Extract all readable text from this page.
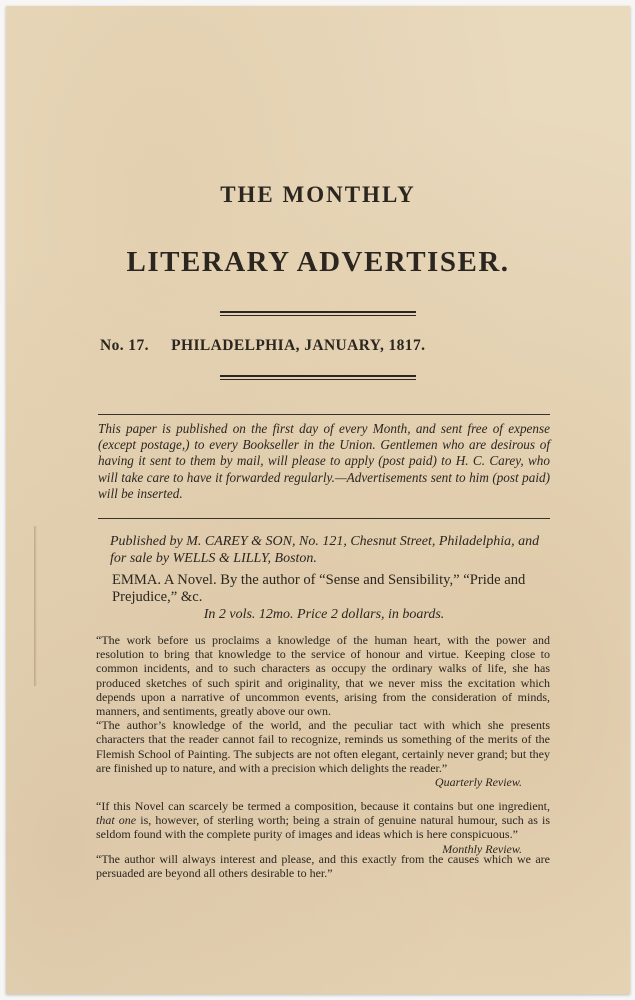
THE MONTHLY
LITERARY ADVERTISER.
No. 17. PHILADELPHIA, JANUARY, 1817.
This paper is published on the first day of every Month, and sent free of expense (except postage,) to every Bookseller in the Union. Gentlemen who are desirous of having it sent to them by mail, will please to apply (post paid) to H. C. Carey, who will take care to have it forwarded regularly.—Advertisements sent to him (post paid) will be inserted.
Published by M. CAREY & SON, No. 121, Chesnut Street, Philadelphia, and for sale by WELLS & LILLY, Boston.
EMMA. A Novel. By the author of “Sense and Sensibility,” “Pride and Prejudice,” &c.
In 2 vols. 12mo. Price 2 dollars, in boards.
“The work before us proclaims a knowledge of the human heart, with the power and resolution to bring that knowledge to the service of honour and virtue. Keeping close to common incidents, and to such characters as occupy the ordinary walks of life, she has produced sketches of such spirit and originality, that we never miss the excitation which depends upon a narrative of uncommon events, arising from the consideration of minds, manners, and sentiments, greatly above our own.
“The author’s knowledge of the world, and the peculiar tact with which she presents characters that the reader cannot fail to recognize, reminds us something of the merits of the Flemish School of Painting. The subjects are not often elegant, certainly never grand; but they are finished up to nature, and with a precision which delights the reader.”
Quarterly Review.
“If this Novel can scarcely be termed a composition, because it contains but one ingredient, that one is, however, of sterling worth; being a strain of genuine natural humour, such as is seldom found with the complete purity of images and ideas which is here conspicuous.”
Monthly Review.
“The author will always interest and please, and this exactly from the causes which we are persuaded are beyond all others desirable to her.”
